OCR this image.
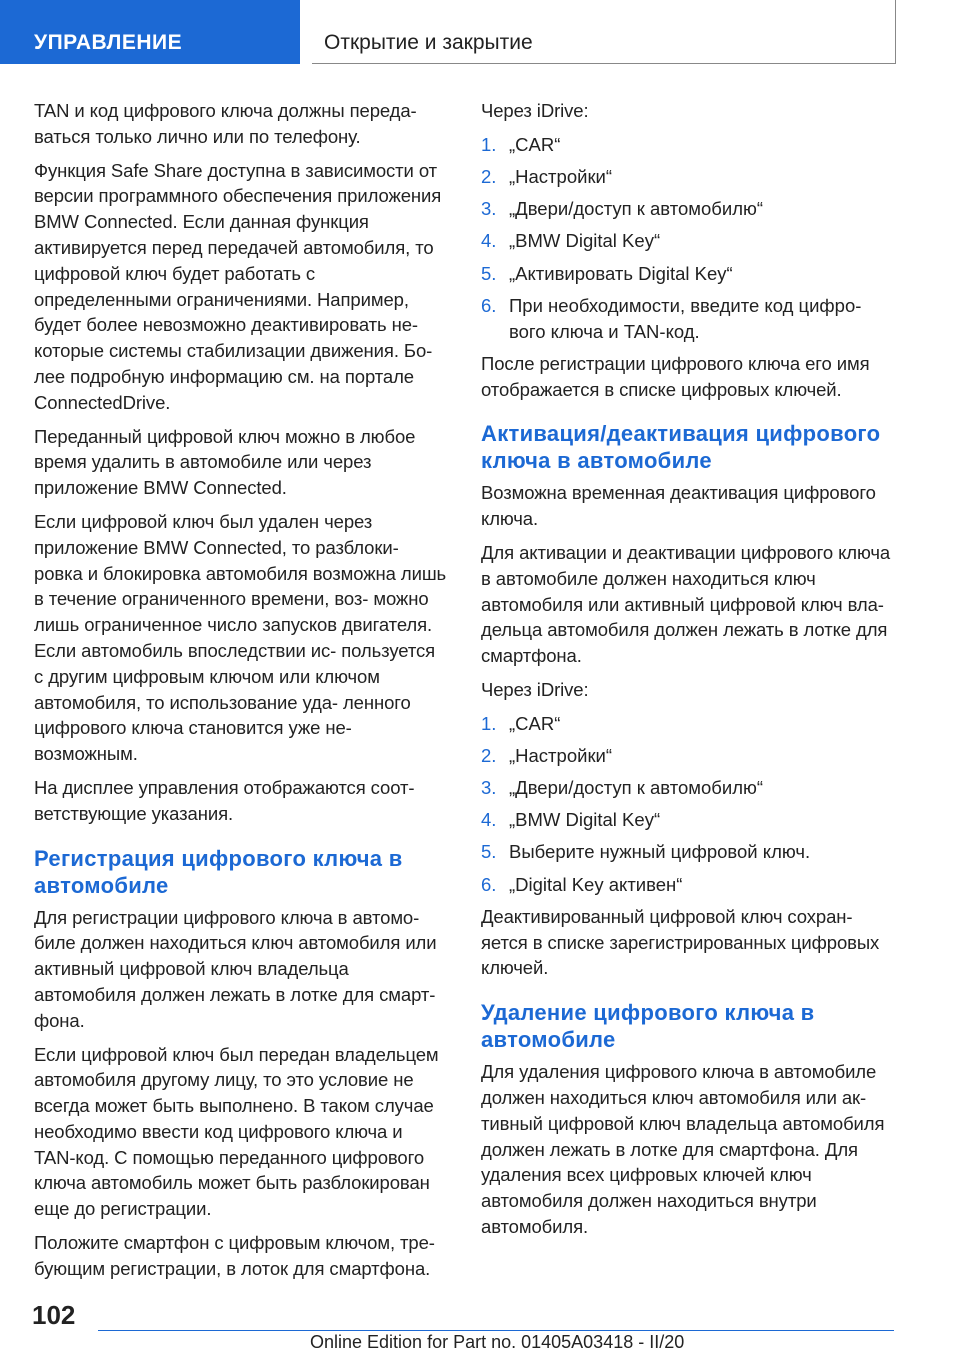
УПРАВЛЕНИЕ	Открытие и закрытие

TAN и код цифрового ключа должны переда- ваться только лично или по телефону.

Функция Safe Share доступна в зависимости от версии программного обеспечения приложения BMW Connected. Если данная функция активируется перед передачей автомобиля, то цифровой ключ будет работать с определенными ограничениями. Например, будет более невозможно деактивировать не- которые системы стабилизации движения. Бо- лее подробную информацию см. на портале ConnectedDrive.

Переданный цифровой ключ можно в любое время удалить в автомобиле или через приложение BMW Connected.

Если цифровой ключ был удален через приложение BMW Connected, то разблоки- ровка и блокировка автомобиля возможна лишь в течение ограниченного времени, воз- можно лишь ограниченное число запусков двигателя. Если автомобиль впоследствии ис- пользуется с другим цифровым ключом или ключом автомобиля, то использование уда- ленного цифрового ключа становится уже не- возможным.

На дисплее управления отображаются соот- ветствующие указания.

Регистрация цифрового ключа в автомобиле

Для регистрации цифрового ключа в автомо- биле должен находиться ключ автомобиля или активный цифровой ключ владельца автомобиля должен лежать в лотке для смарт- фона.

Если цифровой ключ был передан владельцем автомобиля другому лицу, то это условие не всегда может быть выполнено. В таком случае необходимо ввести код цифрового ключа и TAN-код. С помощью переданного цифрового ключа автомобиль может быть разблокирован еще до регистрации.

Положите смартфон с цифровым ключом, тре- бующим регистрации, в лоток для смартфона.

Через iDrive:

1. „CAR“
2. „Настройки“
3. „Двери/доступ к автомобилю“
4. „BMW Digital Key“
5. „Активировать Digital Key“
6. При необходимости, введите код цифро- вого ключа и TAN-код.

После регистрации цифрового ключа его имя отображается в списке цифровых ключей.

Активация/деактивация цифрового ключа в автомобиле

Возможна временная деактивация цифрового ключа.

Для активации и деактивации цифрового ключа в автомобиле должен находиться ключ автомобиля или активный цифровой ключ вла- дельца автомобиля должен лежать в лотке для смартфона.

Через iDrive:

1. „CAR“
2. „Настройки“
3. „Двери/доступ к автомобилю“
4. „BMW Digital Key“
5. Выберите нужный цифровой ключ.
6. „Digital Key активен“

Деактивированный цифровой ключ сохран- яется в списке зарегистрированных цифровых ключей.

Удаление цифрового ключа в автомобиле

Для удаления цифрового ключа в автомобиле должен находиться ключ автомобиля или ак- тивный цифровой ключ владельца автомобиля должен лежать в лотке для смартфона. Для удаления всех цифровых ключей ключ автомобиля должен находиться внутри автомобиля.

102
Online Edition for Part no. 01405A03418 - II/20
